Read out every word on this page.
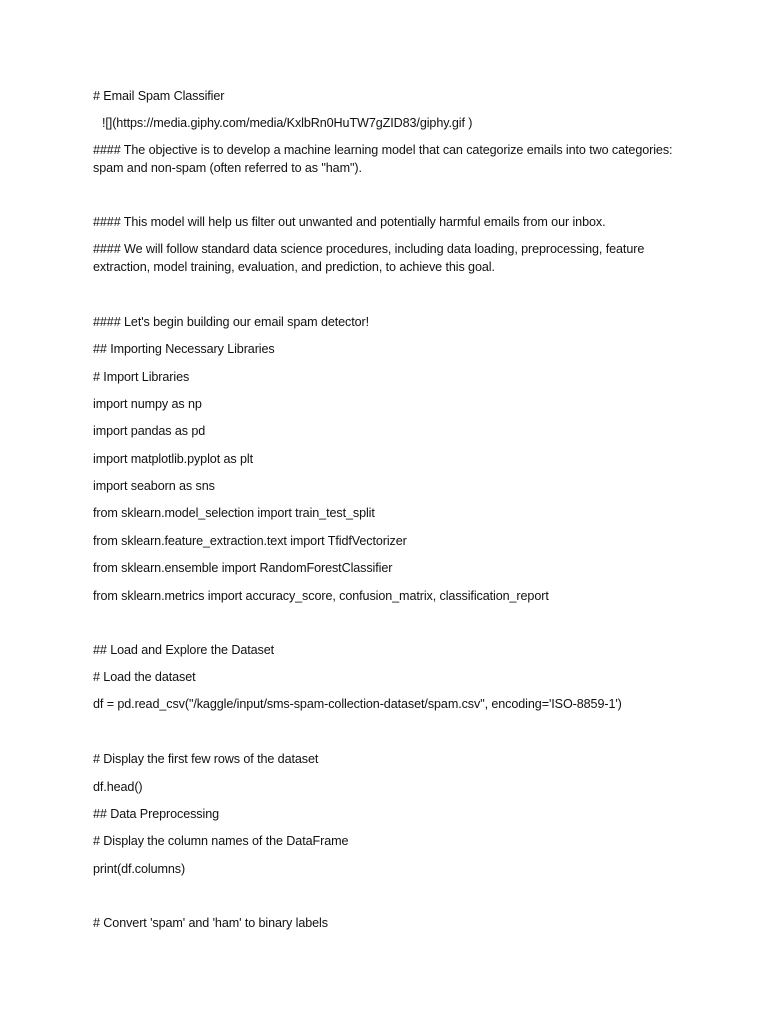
# Email Spam Classifier
![](https://media.giphy.com/media/KxlbRn0HuTW7gZID83/giphy.gif )
#### The objective is to develop a machine learning model that can categorize emails into two categories: spam and non-spam (often referred to as "ham").
#### This model will help us filter out unwanted and potentially harmful emails from our inbox.
#### We will follow standard data science procedures, including data loading, preprocessing, feature extraction, model training, evaluation, and prediction, to achieve this goal.
#### Let's begin building our email spam detector!
## Importing Necessary Libraries
# Import Libraries
import numpy as np
import pandas as pd
import matplotlib.pyplot as plt
import seaborn as sns
from sklearn.model_selection import train_test_split
from sklearn.feature_extraction.text import TfidfVectorizer
from sklearn.ensemble import RandomForestClassifier
from sklearn.metrics import accuracy_score, confusion_matrix, classification_report
## Load and Explore the Dataset
# Load the dataset
df = pd.read_csv("/kaggle/input/sms-spam-collection-dataset/spam.csv", encoding='ISO-8859-1')
# Display the first few rows of the dataset
df.head()
## Data Preprocessing
# Display the column names of the DataFrame
print(df.columns)
# Convert 'spam' and 'ham' to binary labels
